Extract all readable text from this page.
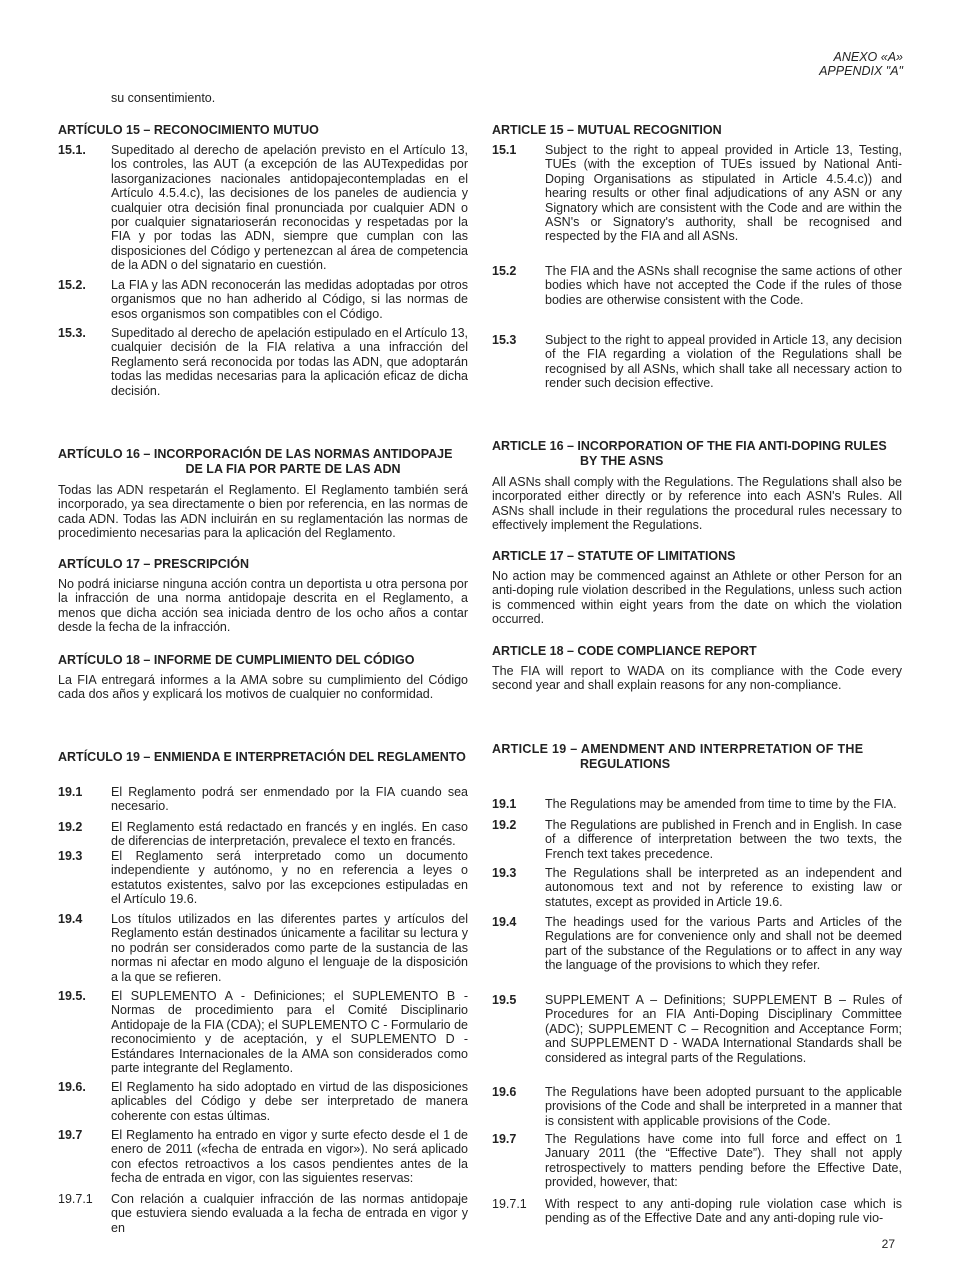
ANEXO «A»
APPENDIX "A"
su consentimiento.
ARTÍCULO 15 – RECONOCIMIENTO MUTUO
15.1.	Supeditado al derecho de apelación previsto en el Artículo 13, los controles, las AUT (a excepción de las AUTexpedidas por lasorganizaciones nacionales antidopajecontempladas en el Artículo 4.5.4.c), las decisiones de los paneles de audiencia y cualquier otra decisión final pronunciada por cualquier ADN o por cualquier signatarioserán reconocidas y respetadas por la FIA y por todas las ADN, siempre que cumplan con las disposiciones del Código y pertenezcan al área de competencia de la ADN o del signatario en cuestión.
15.2.	La FIA y las ADN reconocerán las medidas adoptadas por otros organismos que no han adherido al Código, si las normas de esos organismos son compatibles con el Código.
15.3.	Supeditado al derecho de apelación estipulado en el Artículo 13, cualquier decisión de la FIA relativa a una infracción del Reglamento será reconocida por todas las ADN, que adoptarán todas las medidas necesarias para la aplicación eficaz de dicha decisión.
ARTÍCULO 16 – INCORPORACIÓN DE LAS NORMAS ANTIDOPAJE
DE LA FIA POR PARTE DE LAS ADN
Todas las ADN respetarán el Reglamento. El Reglamento también será incorporado, ya sea directamente o bien por referencia, en las normas de cada ADN. Todas las ADN incluirán en su reglamentación las normas de procedimiento necesarias para la aplicación del Reglamento.
ARTÍCULO 17 – PRESCRIPCIÓN
No podrá iniciarse ninguna acción contra un deportista u otra persona por la infracción de una norma antidopaje descrita en el Reglamento, a menos que dicha acción sea iniciada dentro de los ocho años a contar desde la fecha de la infracción.
ARTÍCULO 18 – INFORME DE CUMPLIMIENTO DEL CÓDIGO
La FIA entregará informes a la AMA sobre su cumplimiento del Código cada dos años y explicará los motivos de cualquier no conformidad.
ARTÍCULO 19 – ENMIENDA E INTERPRETACIÓN DEL REGLAMENTO
19.1	El Reglamento podrá ser enmendado por la FIA cuando sea necesario.
19.2	El Reglamento está redactado en francés y en inglés. En caso de diferencias de interpretación, prevalece el texto en francés.
19.3	El Reglamento será interpretado como un documento independiente y autónomo, y no en referencia a leyes o estatutos existentes, salvo por las excepciones estipuladas en el Artículo 19.6.
19.4	Los títulos utilizados en las diferentes partes y artículos del Reglamento están destinados únicamente a facilitar su lectura y no podrán ser considerados como parte de la sustancia de las normas ni afectar en modo alguno el lenguaje de la disposición a la que se refieren.
19.5.	El SUPLEMENTO A - Definiciones; el SUPLEMENTO B - Normas de procedimiento para el Comité Disciplinario Antidopaje de la FIA (CDA); el SUPLEMENTO C - Formulario de reconocimiento y de aceptación, y el SUPLEMENTO D - Estándares Internacionales de la AMA son considerados como parte integrante del Reglamento.
19.6.	El Reglamento ha sido adoptado en virtud de las disposiciones aplicables del Código y debe ser interpretado de manera coherente con estas últimas.
19.7	El Reglamento ha entrado en vigor y surte efecto desde el 1 de enero de 2011 («fecha de entrada en vigor»). No será aplicado con efectos retroactivos a los casos pendientes antes de la fecha de entrada en vigor, con las siguientes reservas:
19.7.1	Con relación a cualquier infracción de las normas antidopaje que estuviera siendo evaluada a la fecha de entrada en vigor y en
ARTICLE 15 – MUTUAL RECOGNITION
15.1	Subject to the right to appeal provided in Article 13, Testing, TUEs (with the exception of TUEs issued by National Anti-Doping Organisations as stipulated in Article 4.5.4.c)) and hearing results or other final adjudications of any ASN or any Signatory which are consistent with the Code and are within the ASN's or Signatory's authority, shall be recognised and respected by the FIA and all ASNs.
15.2	The FIA and the ASNs shall recognise the same actions of other bodies which have not accepted the Code if the rules of those bodies are otherwise consistent with the Code.
15.3	Subject to the right to appeal provided in Article 13, any decision of the FIA regarding a violation of the Regulations shall be recognised by all ASNs, which shall take all necessary action to render such decision effective.
ARTICLE 16 – INCORPORATION OF THE FIA ANTI-DOPING RULES
BY THE ASNS
All ASNs shall comply with the Regulations. The Regulations shall also be incorporated either directly or by reference into each ASN's Rules. All ASNs shall include in their regulations the procedural rules necessary to effectively implement the Regulations.
ARTICLE 17 – STATUTE OF LIMITATIONS
No action may be commenced against an Athlete or other Person for an anti-doping rule violation described in the Regulations, unless such action is commenced within eight years from the date on which the violation occurred.
ARTICLE 18 – CODE COMPLIANCE REPORT
The FIA will report to WADA on its compliance with the Code every second year and shall explain reasons for any non-compliance.
ARTICLE 19 – AMENDMENT AND INTERPRETATION OF THE
REGULATIONS
19.1	The Regulations may be amended from time to time by the FIA.
19.2	The Regulations are published in French and in English. In case of a difference of interpretation between the two texts, the French text takes precedence.
19.3	The Regulations shall be interpreted as an independent and autonomous text and not by reference to existing law or statutes, except as provided in Article 19.6.
19.4	The headings used for the various Parts and Articles of the Regulations are for convenience only and shall not be deemed part of the substance of the Regulations or to affect in any way the language of the provisions to which they refer.
19.5	SUPPLEMENT A – Definitions; SUPPLEMENT B – Rules of Procedures for an FIA Anti-Doping Disciplinary Committee (ADC); SUPPLEMENT C – Recognition and Acceptance Form; and SUPPLEMENT D - WADA International Standards shall be considered as integral parts of the Regulations.
19.6	The Regulations have been adopted pursuant to the applicable provisions of the Code and shall be interpreted in a manner that is consistent with applicable provisions of the Code.
19.7	The Regulations have come into full force and effect on 1 January 2011 (the “Effective Date”). They shall not apply retrospectively to matters pending before the Effective Date, provided, however, that:
19.7.1	With respect to any anti-doping rule violation case which is pending as of the Effective Date and any anti-doping rule vio-
27
